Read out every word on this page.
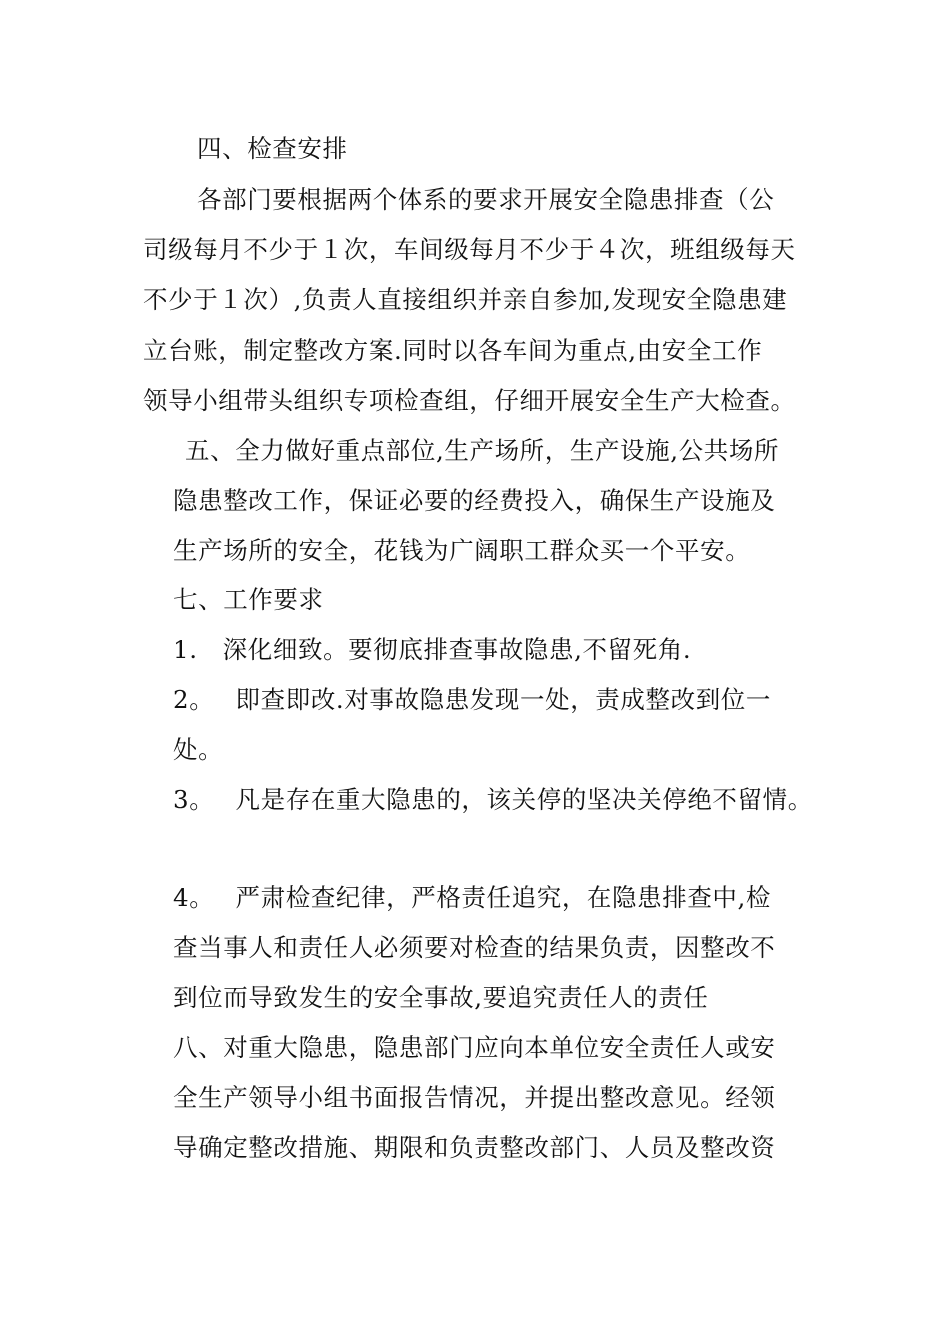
四、检查安排
各部门要根据两个体系的要求开展安全隐患排查（公
司级每月不少于１次，车间级每月不少于４次，班组级每天
不少于１次）,负责人直接组织并亲自参加,发现安全隐患建
立台账，制定整改方案.同时以各车间为重点,由安全工作
领导小组带头组织专项检查组，仔细开展安全生产大检查。
五、全力做好重点部位,生产场所，生产设施,公共场所
隐患整改工作，保证必要的经费投入，确保生产设施及
生产场所的安全，花钱为广阔职工群众买一个平安。
七、工作要求
1.　深化细致。要彻底排查事故隐患,不留死角.
2。　 即查即改.对事故隐患发现一处，责成整改到位一
处。
3。　 凡是存在重大隐患的，该关停的坚决关停绝不留情。
4。　 严肃检查纪律，严格责任追究，在隐患排查中,检
查当事人和责任人必须要对检查的结果负责，因整改不
到位而导致发生的安全事故,要追究责任人的责任
八、对重大隐患，隐患部门应向本单位安全责任人或安
全生产领导小组书面报告情况，并提出整改意见。经领
导确定整改措施、期限和负责整改部门、人员及整改资
